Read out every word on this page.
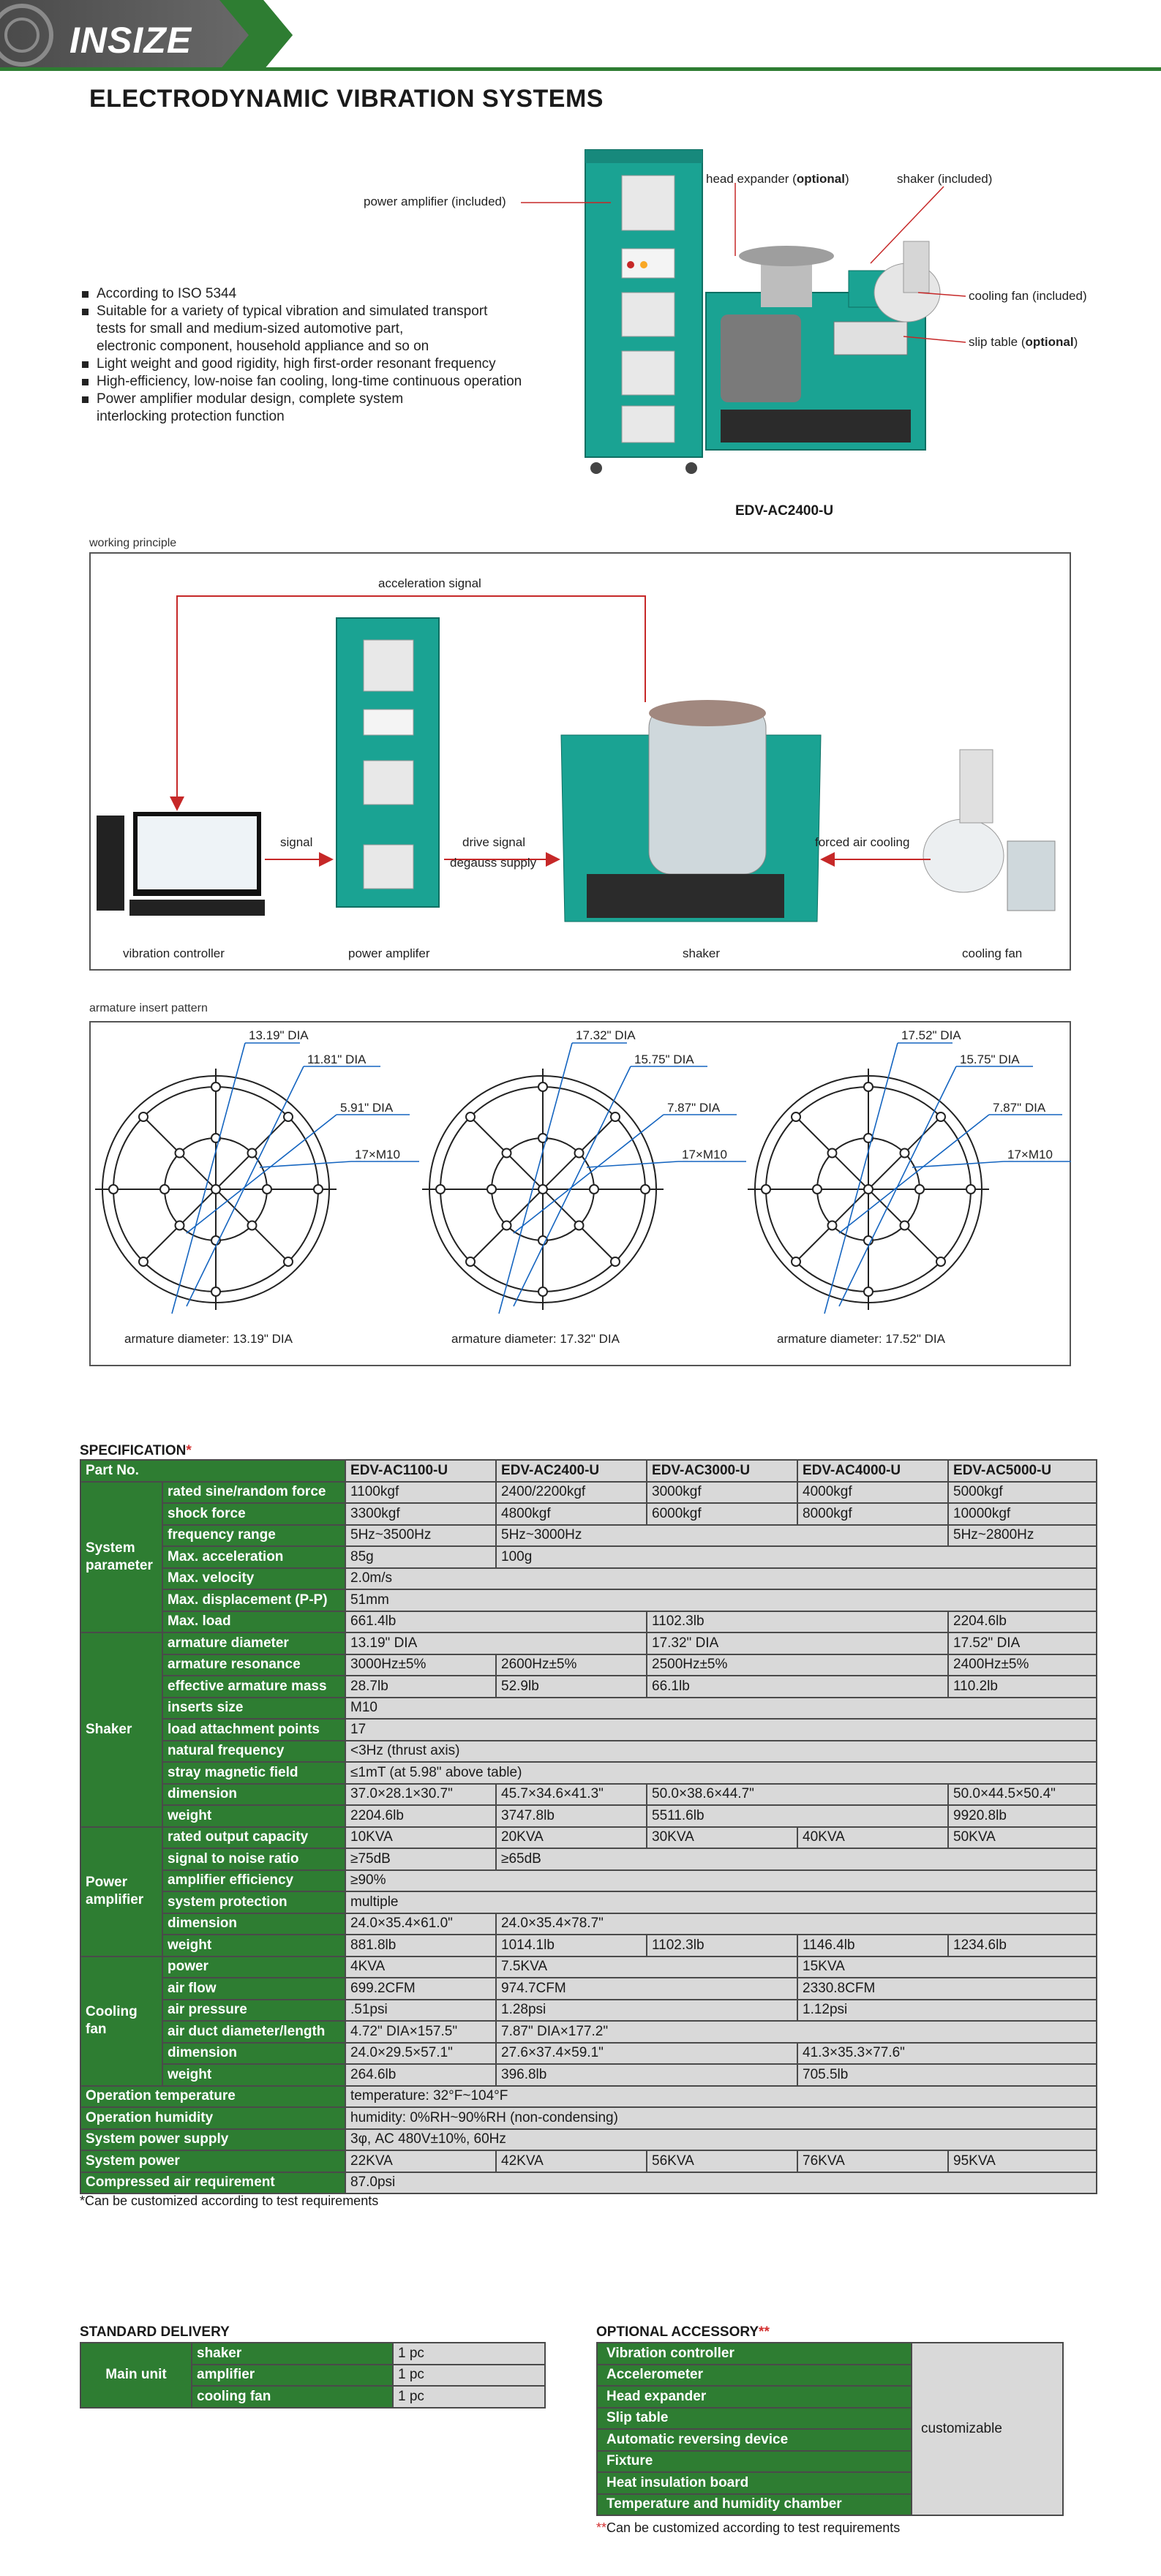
INSIZE
ELECTRODYNAMIC VIBRATION SYSTEMS
According to ISO 5344
Suitable for a variety of typical vibration and simulated transport
tests for small and medium-sized automotive part,
electronic component, household appliance and so on
Light weight and good rigidity, high first-order resonant frequency
High-efficiency, low-noise fan cooling, long-time continuous operation
Power amplifier modular design, complete system
interlocking protection function
power amplifier (included)
head expander (optional)	shaker (included)
cooling fan (included)
slip table (optional)
EDV-AC2400-U
working principle
acceleration signal
signal	drive signal
degauss supply
forced air cooling
vibration controller	power amplifer	shaker	cooling fan
armature insert pattern
13.19" DIA
11.81" DIA
5.91" DIA
17×M10
armature diameter: 13.19" DIA
17.32" DIA
15.75" DIA
7.87" DIA
17×M10
armature diameter: 17.32" DIA
17.52" DIA
15.75" DIA
7.87" DIA
17×M10
armature diameter: 17.52" DIA
SPECIFICATION*
Part No.		EDV-AC1100-U	EDV-AC2400-U	EDV-AC3000-U	EDV-AC4000-U	EDV-AC5000-U
System parameter	rated sine/random force	1100kgf	2400/2200kgf	3000kgf	4000kgf	5000kgf
	shock force	3300kgf	4800kgf	6000kgf	8000kgf	10000kgf
	frequency range	5Hz~3500Hz	5Hz~3000Hz			5Hz~2800Hz
	Max. acceleration	85g	100g			
	Max. velocity	2.0m/s				
	Max. displacement (P-P)	51mm				
	Max. load	661.4lb		1102.3lb		2204.6lb
Shaker	armature diameter	13.19" DIA		17.32" DIA		17.52" DIA
	armature resonance	3000Hz±5%	2600Hz±5%	2500Hz±5%		2400Hz±5%
	effective armature mass	28.7lb	52.9lb	66.1lb		110.2lb
	inserts size	M10				
	load attachment points	17				
	natural frequency	<3Hz (thrust axis)				
	stray magnetic field	≤1mT (at 5.98" above table)				
	dimension	37.0×28.1×30.7"	45.7×34.6×41.3"	50.0×38.6×44.7"		50.0×44.5×50.4"
	weight	2204.6lb	3747.8lb	5511.6lb		9920.8lb
Power amplifier	rated output capacity	10KVA	20KVA	30KVA	40KVA	50KVA
	signal to noise ratio	≥75dB	≥65dB			
	amplifier efficiency	≥90%				
	system protection	multiple				
	dimension	24.0×35.4×61.0"	24.0×35.4×78.7"			
	weight	881.8lb	1014.1lb	1102.3lb	1146.4lb	1234.6lb
Cooling fan	power	4KVA	7.5KVA		15KVA	
	air flow	699.2CFM	974.7CFM		2330.8CFM	
	air pressure	.51psi	1.28psi		1.12psi	
	air duct diameter/length	4.72" DIA×157.5"	7.87" DIA×177.2"			
	dimension	24.0×29.5×57.1"	27.6×37.4×59.1"		41.3×35.3×77.6"	
	weight	264.6lb	396.8lb		705.5lb	
Operation temperature		temperature: 32°F~104°F				
Operation humidity		humidity: 0%RH~90%RH (non-condensing)				
System power supply		3φ, AC 480V±10%, 60Hz				
System power		22KVA	42KVA	56KVA	76KVA	95KVA
Compressed air requirement		87.0psi				
*Can be customized according to test requirements
STANDARD DELIVERY
Main unit	shaker	1 pc
	amplifier	1 pc
	cooling fan	1 pc
OPTIONAL ACCESSORY**
Vibration controller	customizable
Accelerometer
Head expander
Slip table
Automatic reversing device
Fixture
Heat insulation board
Temperature and humidity chamber
**Can be customized according to test requirements
